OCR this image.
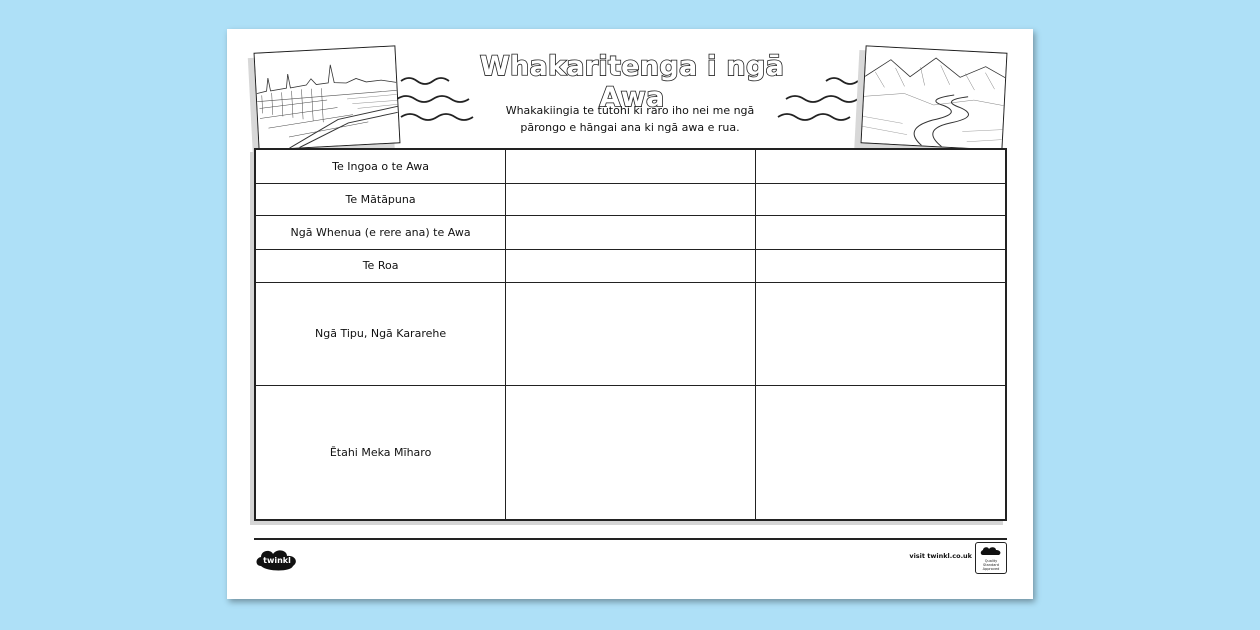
Whakaritenga i ngā Awa
Whakakiingia te tūtohi ki raro iho nei me ngā pārongo e hāngai ana ki ngā awa e rua.
Te Ingoa o te Awa		
Te Mātāpuna		
Ngā Whenua (e rere ana) te Awa		
Te Roa		
Ngā Tipu, Ngā Kararehe		
Ētahi Meka Mīharo		
twinkl	visit twinkl.co.uk
Quality Standard Approved
